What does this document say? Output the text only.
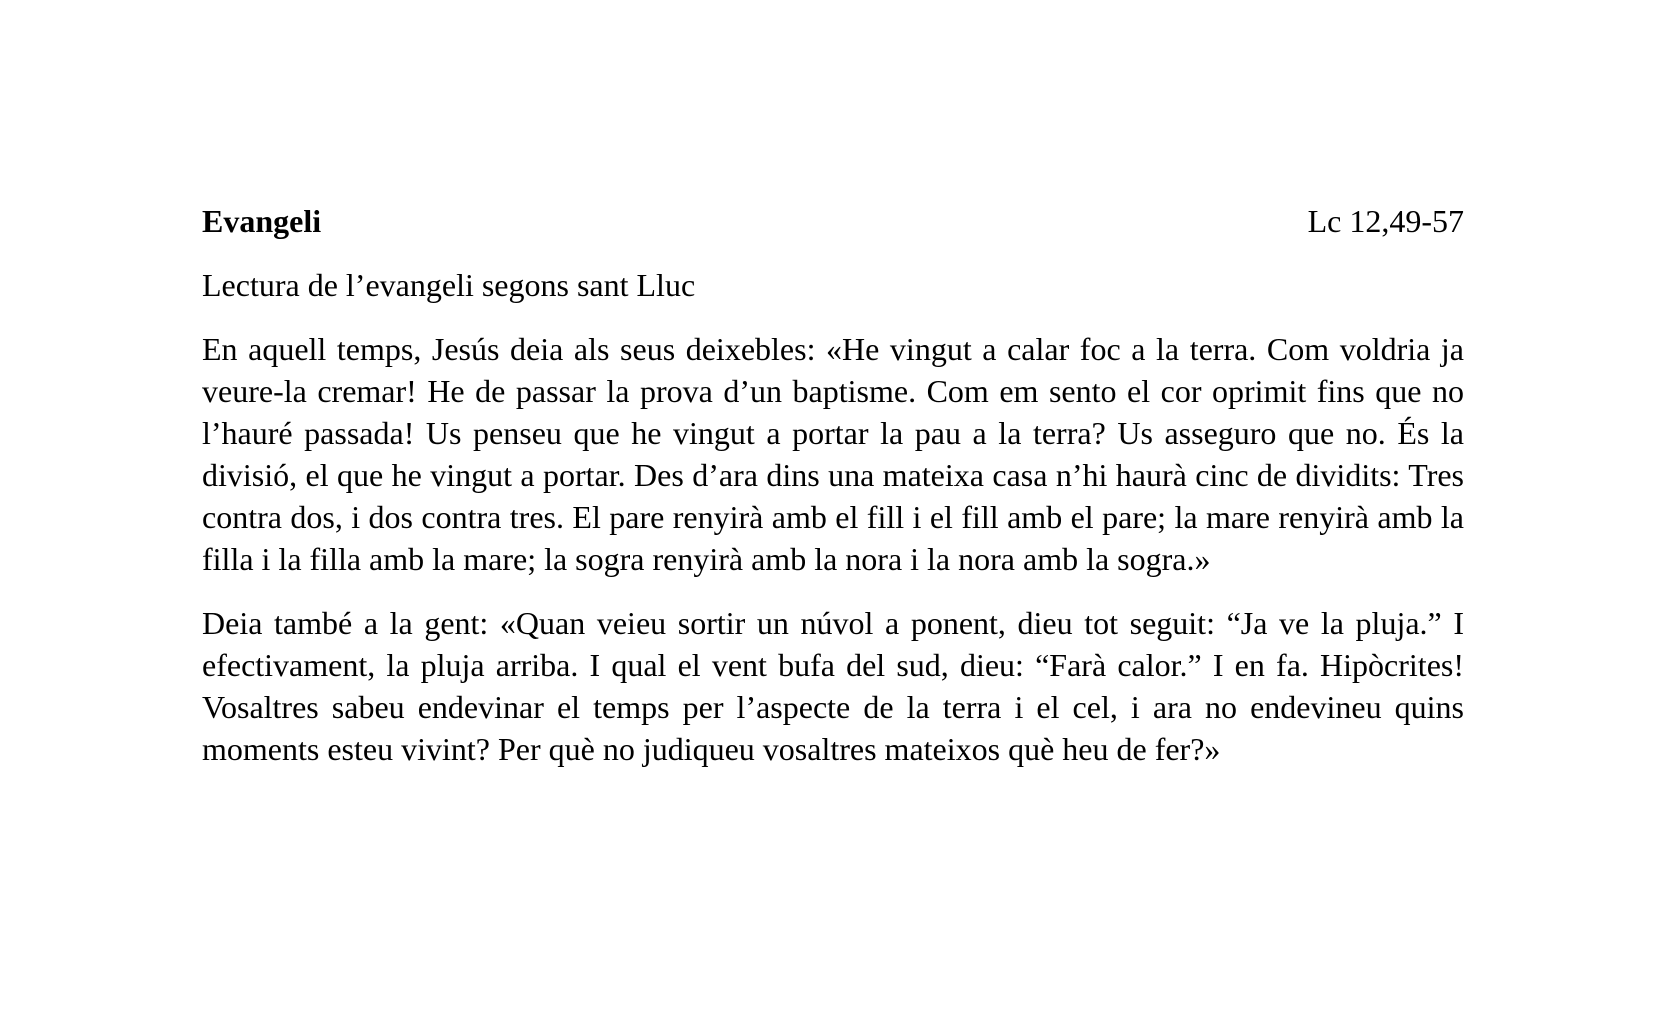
Evangeli	Lc 12,49-57
Lectura de l’evangeli segons sant Lluc

En aquell temps, Jesús deia als seus deixebles: «He vingut a calar foc a la terra. Com voldria ja veure-la cremar! He de passar la prova d’un baptisme. Com em sento el cor oprimit fins que no l’hauré passada! Us penseu que he vingut a portar la pau a la terra? Us asseguro que no. És la divisió, el que he vingut a portar. Des d’ara dins una mateixa casa n’hi haurà cinc de dividits: Tres contra dos, i dos contra tres. El pare renyirà amb el fill i el fill amb el pare; la mare renyirà amb la filla i la filla amb la mare; la sogra renyirà amb la nora i la nora amb la sogra.»

Deia també a la gent: «Quan veieu sortir un núvol a ponent, dieu tot seguit: “Ja ve la pluja.” I efectivament, la pluja arriba. I qual el vent bufa del sud, dieu: “Farà calor.” I en fa. Hipòcrites! Vosaltres sabeu endevinar el temps per l’aspecte de la terra i el cel, i ara no endevineu quins moments esteu vivint? Per què no judiqueu vosaltres mateixos què heu de fer?»
